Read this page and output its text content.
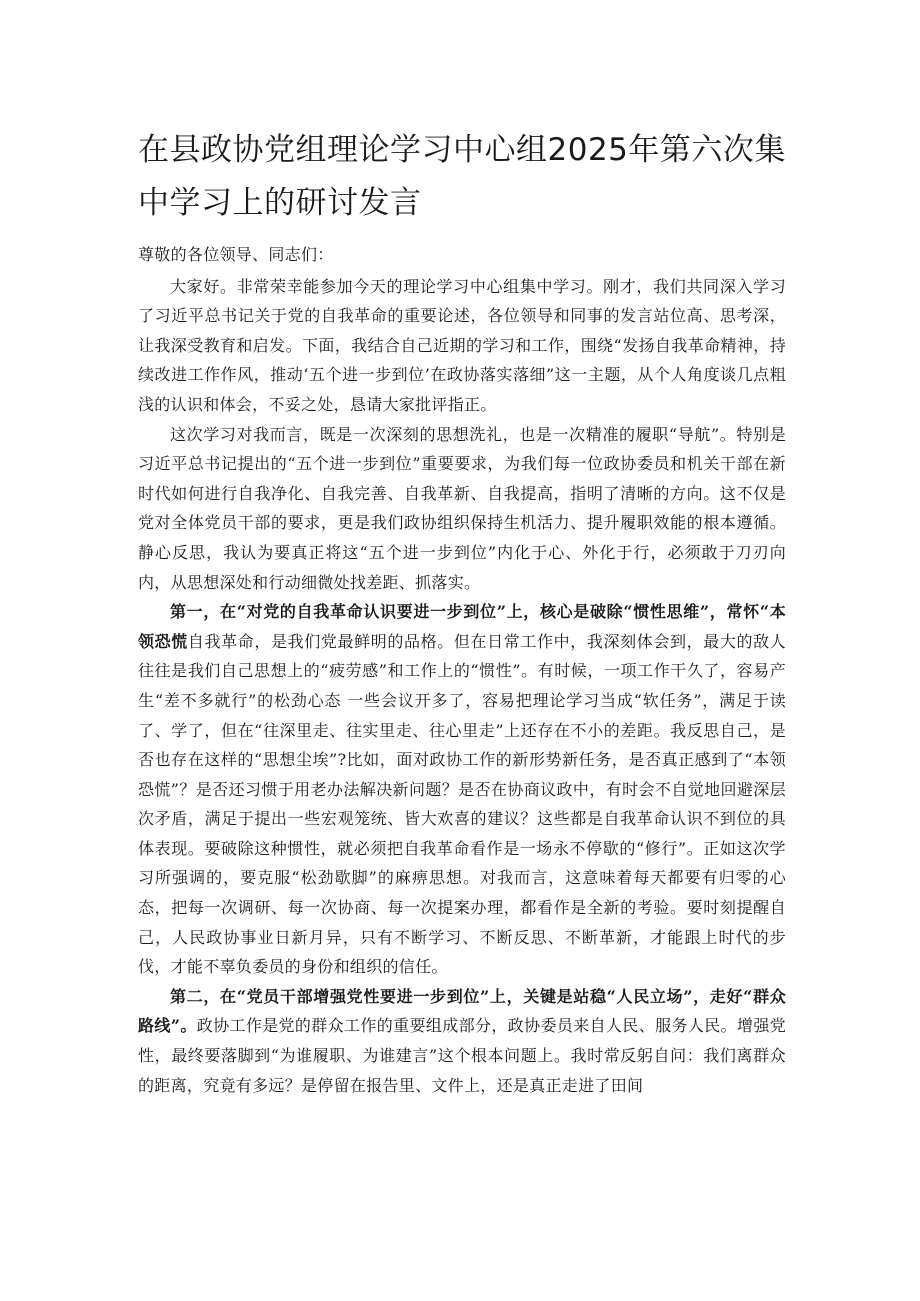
在县政协党组理论学习中心组2025年第六次集中学习上的研讨发言

尊敬的各位领导、同志们：

大家好。非常荣幸能参加今天的理论学习中心组集中学习。刚才，我们共同深入学习了习近平总书记关于党的自我革命的重要论述，各位领导和同事的发言站位高、思考深，让我深受教育和启发。下面，我结合自己近期的学习和工作，围绕“发扬自我革命精神，持续改进工作作风，推动‘五个进一步到位’在政协落实落细”这一主题，从个人角度谈几点粗浅的认识和体会，不妥之处，恳请大家批评指正。

这次学习对我而言，既是一次深刻的思想洗礼，也是一次精准的履职“导航”。特别是习近平总书记提出的“五个进一步到位”重要要求，为我们每一位政协委员和机关干部在新时代如何进行自我净化、自我完善、自我革新、自我提高，指明了清晰的方向。这不仅是党对全体党员干部的要求，更是我们政协组织保持生机活力、提升履职效能的根本遵循。静心反思，我认为要真正将这“五个进一步到位”内化于心、外化于行，必须敢于刀刃向内，从思想深处和行动细微处找差距、抓落实。

第一，在“对党的自我革命认识要进一步到位”上，核心是破除“惯性思维”，常怀“本领恐慌自我革命，是我们党最鲜明的品格。但在日常工作中，我深刻体会到，最大的敌人往往是我们自己思想上的“疲劳感”和工作上的“惯性”。有时候，一项工作干久了，容易产生“差不多就行”的松劲心态 一些会议开多了，容易把理论学习当成“软任务”，满足于读了、学了，但在“往深里走、往实里走、往心里走”上还存在不小的差距。我反思自己，是否也存在这样的“思想尘埃”?比如，面对政协工作的新形势新任务，是否真正感到了“本领恐慌”？是否还习惯于用老办法解决新问题？是否在协商议政中，有时会不自觉地回避深层次矛盾，满足于提出一些宏观笼统、皆大欢喜的建议？这些都是自我革命认识不到位的具体表现。要破除这种惯性，就必须把自我革命看作是一场永不停歇的“修行”。正如这次学习所强调的，要克服“松劲歇脚”的麻痹思想。对我而言，这意味着每天都要有归零的心态，把每一次调研、每一次协商、每一次提案办理，都看作是全新的考验。要时刻提醒自己，人民政协事业日新月异，只有不断学习、不断反思、不断革新，才能跟上时代的步伐，才能不辜负委员的身份和组织的信任。

第二，在“党员干部增强党性要进一步到位”上，关键是站稳“人民立场”，走好“群众路线”。政协工作是党的群众工作的重要组成部分，政协委员来自人民、服务人民。增强党性，最终要落脚到“为谁履职、为谁建言”这个根本问题上。我时常反躬自问：我们离群众的距离，究竟有多远？是停留在报告里、文件上，还是真正走进了田间
